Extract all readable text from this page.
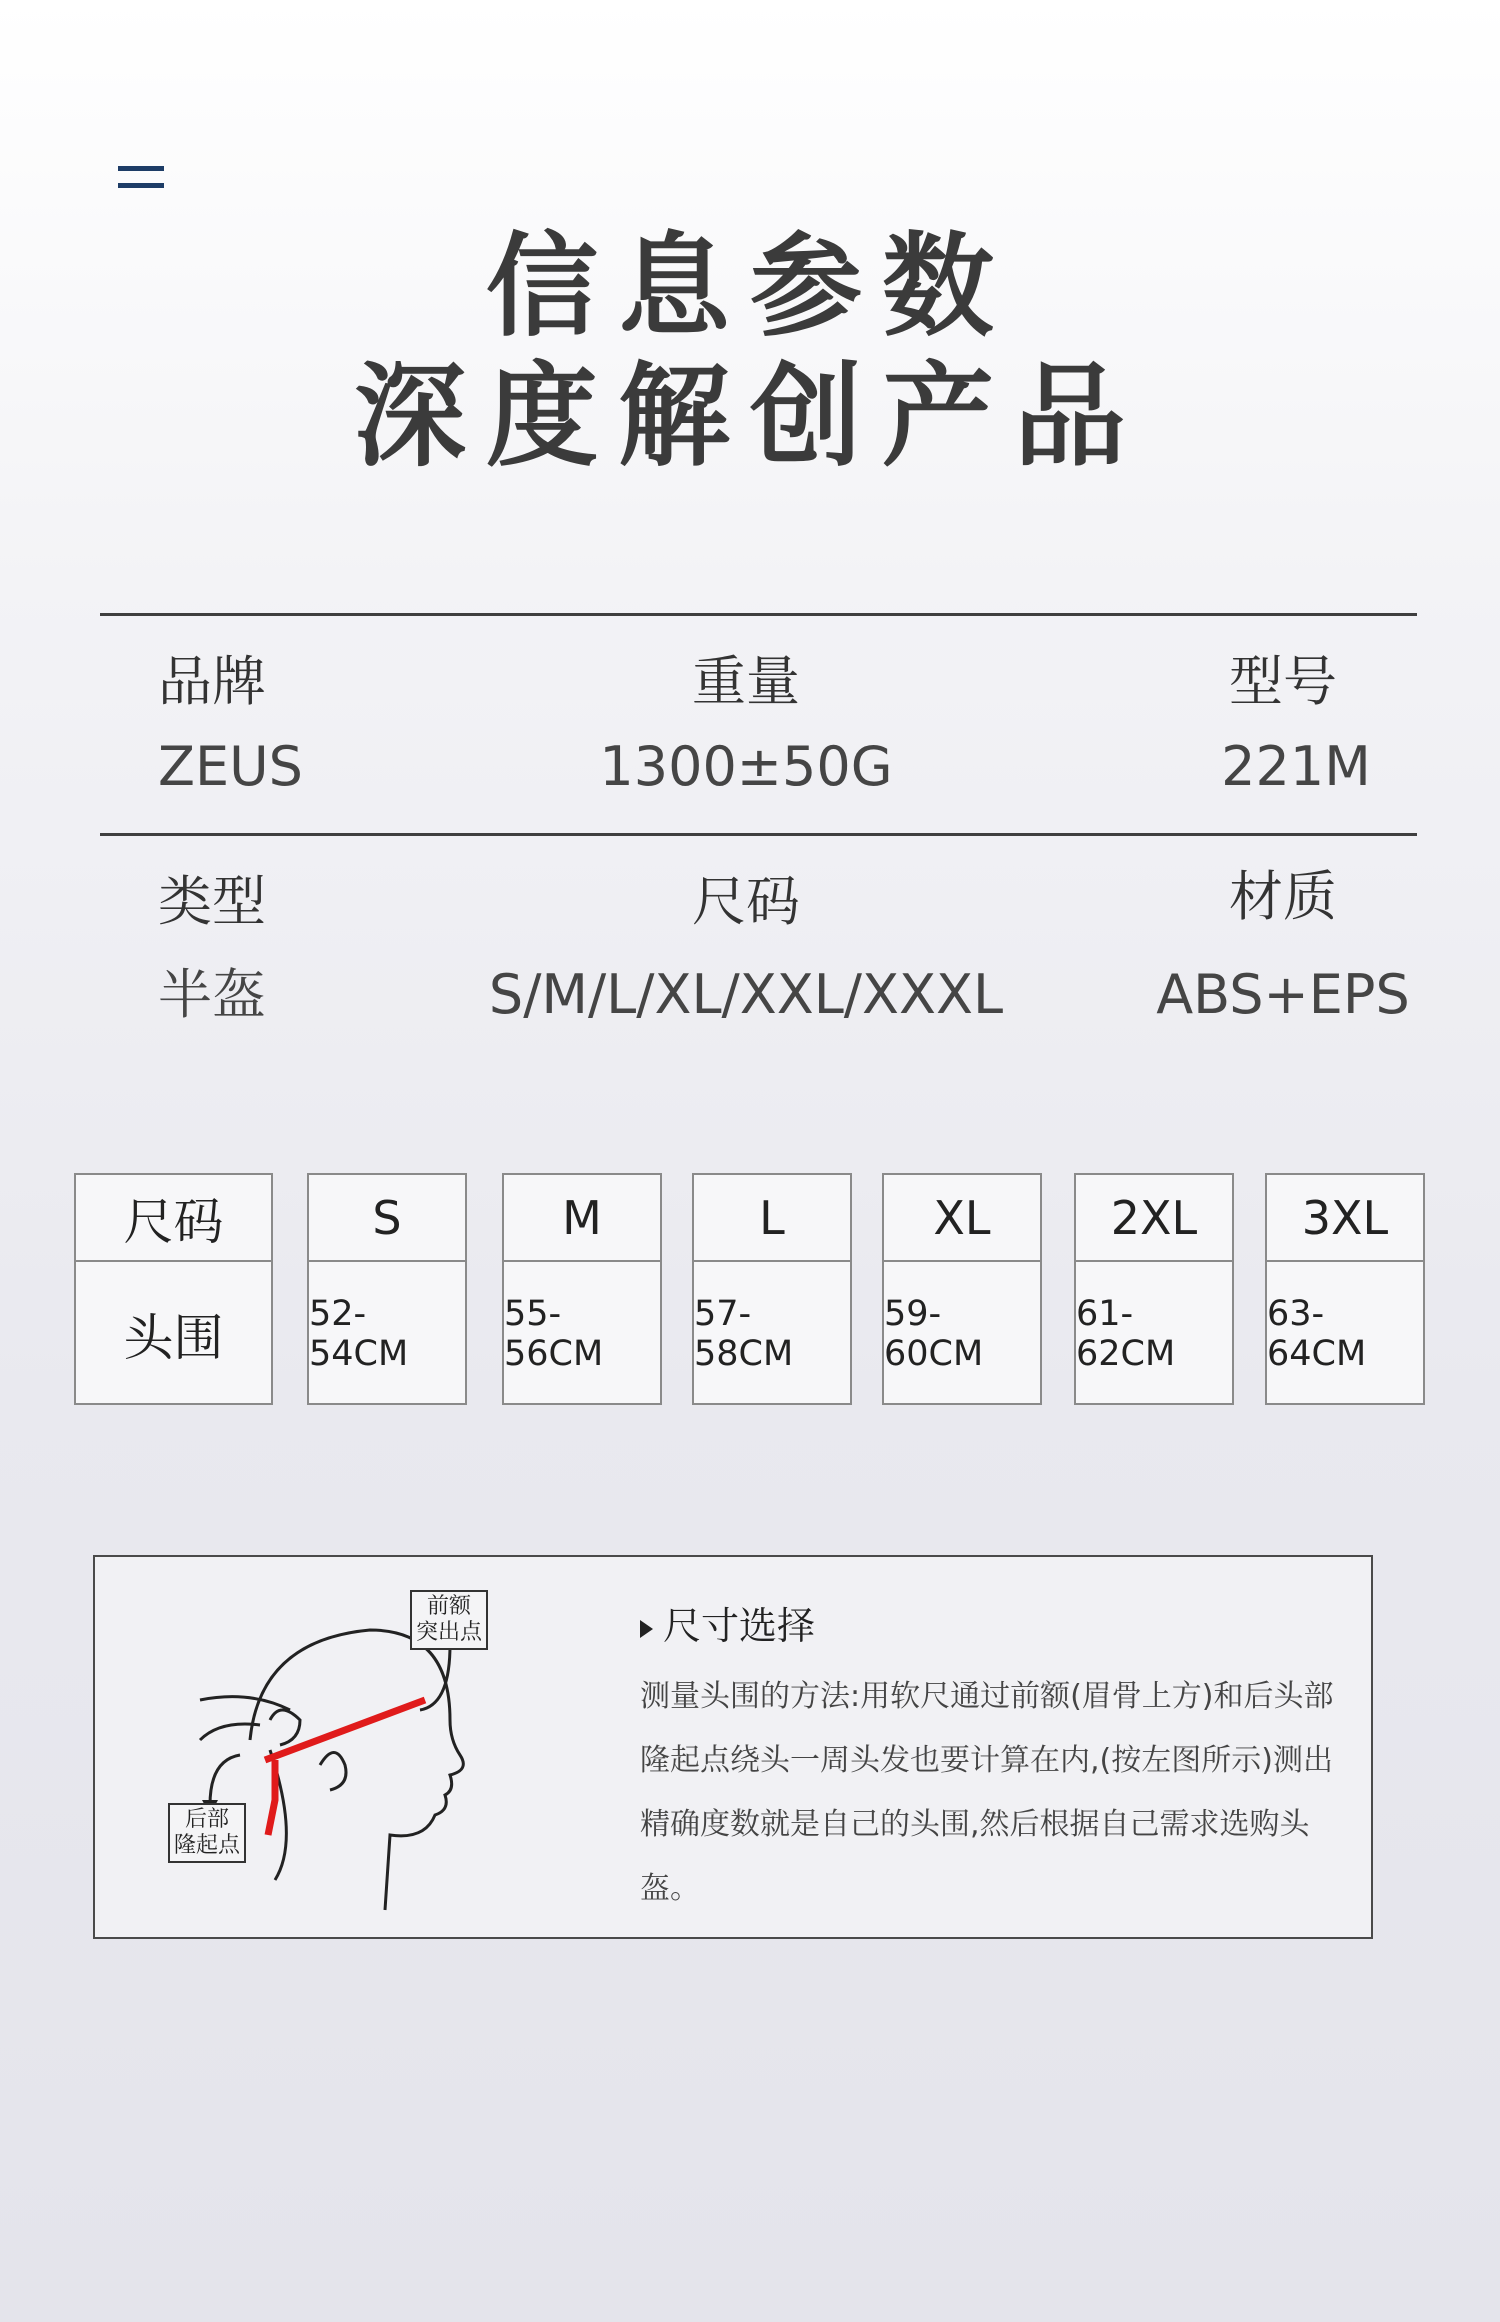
信息参数
深度解创产品
品牌
ZEUS
重量
1300±50G
型号
221M
类型
半盔
尺码
S/M/L/XL/XXL/XXXL
材质
ABS+EPS
尺码
头围
S
52-54CM
M
55-56CM
L
57-58CM
XL
59-60CM
2XL
61-62CM
3XL
63-64CM
前额
突出点
后部
隆起点
尺寸选择
测量头围的方法:用软尺通过前额(眉骨上方)和后头部隆起点绕头一周头发也要计算在内,(按左图所示)测出精确度数就是自己的头围,然后根据自己需求选购头盔。
